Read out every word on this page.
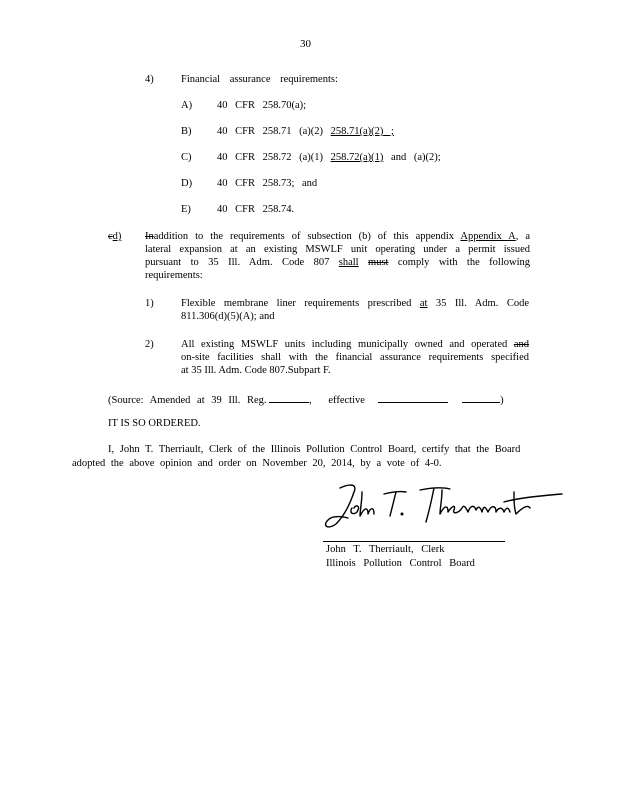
30
4)	Financial assurance requirements:
A) 40 CFR 258.70(a);
B) 40 CFR 258.71 (a)(2) 258.71(a)(2) ;
C) 40 CFR 258.72 (a)(1) 258.72(a)(1) and (a)(2);
D) 40 CFR 258.73; and
E) 40 CFR 258.74.
cd) Inaddition to the requirements of subsection (b) of this appendix Appendix A, a

lateral expansion at an existing MSWLF unit operating under a permit issued

pursuant to 35 Ill. Adm. Code 807 shall must comply with the following

requirements:

1)	Flexible membrane liner requirements prescribed at 35 Ill. Adm. Code

811.306(d)(5)(A); and

2)	All existing MSWLF units including municipally owned and operated and

on-site facilities shall with the financial assurance requirements specified

at 35 Ill. Adm. Code 807.Subpart F.

(Source: Amended at 39 Ill. Reg.	, effective	)
IT IS SO ORDERED.
I, John T. Therriault, Clerk of the Illinois Pollution Control Board, certify that the Board
adopted the above opinion and order on November 20, 2014, by a vote of 4-0.
John T. Therriault, Clerk
Illinois Pollution Control Board
